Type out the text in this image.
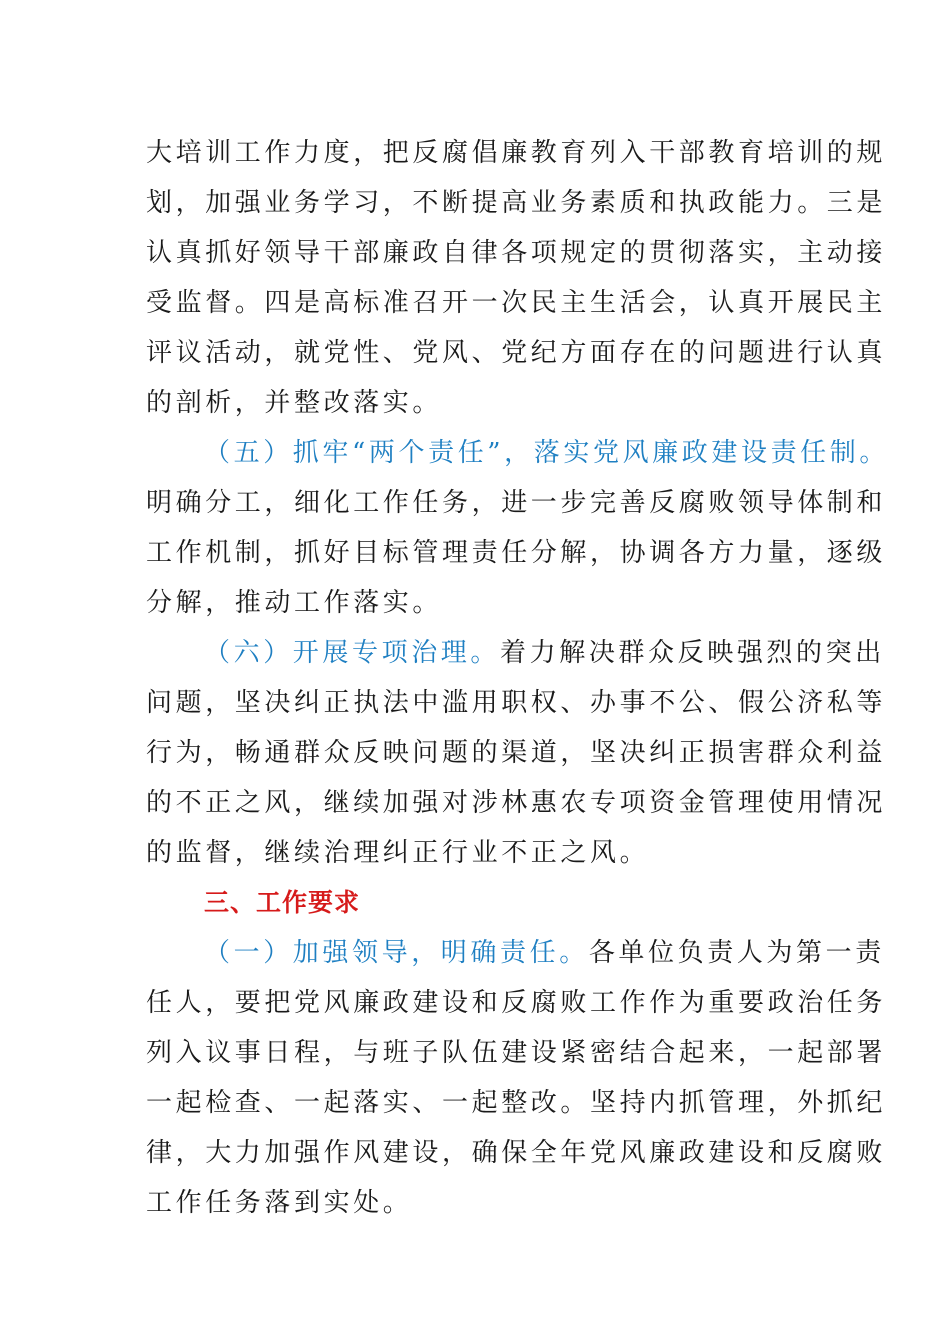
大培训工作力度，把反腐倡廉教育列入干部教育培训的规
划，加强业务学习，不断提高业务素质和执政能力。三是
认真抓好领导干部廉政自律各项规定的贯彻落实，主动接
受监督。四是高标准召开一次民主生活会，认真开展民主
评议活动，就党性、党风、党纪方面存在的问题进行认真
的剖析，并整改落实。
（五）抓牢“两个责任”，落实党风廉政建设责任制。
明确分工，细化工作任务，进一步完善反腐败领导体制和
工作机制，抓好目标管理责任分解，协调各方力量，逐级
分解，推动工作落实。
（六）开展专项治理。着力解决群众反映强烈的突出
问题，坚决纠正执法中滥用职权、办事不公、假公济私等
行为，畅通群众反映问题的渠道，坚决纠正损害群众利益
的不正之风，继续加强对涉林惠农专项资金管理使用情况
的监督，继续治理纠正行业不正之风。
三、工作要求
（一）加强领导，明确责任。各单位负责人为第一责
任人，要把党风廉政建设和反腐败工作作为重要政治任务
列入议事日程，与班子队伍建设紧密结合起来，一起部署
一起检查、一起落实、一起整改。坚持内抓管理，外抓纪
律，大力加强作风建设，确保全年党风廉政建设和反腐败
工作任务落到实处。
